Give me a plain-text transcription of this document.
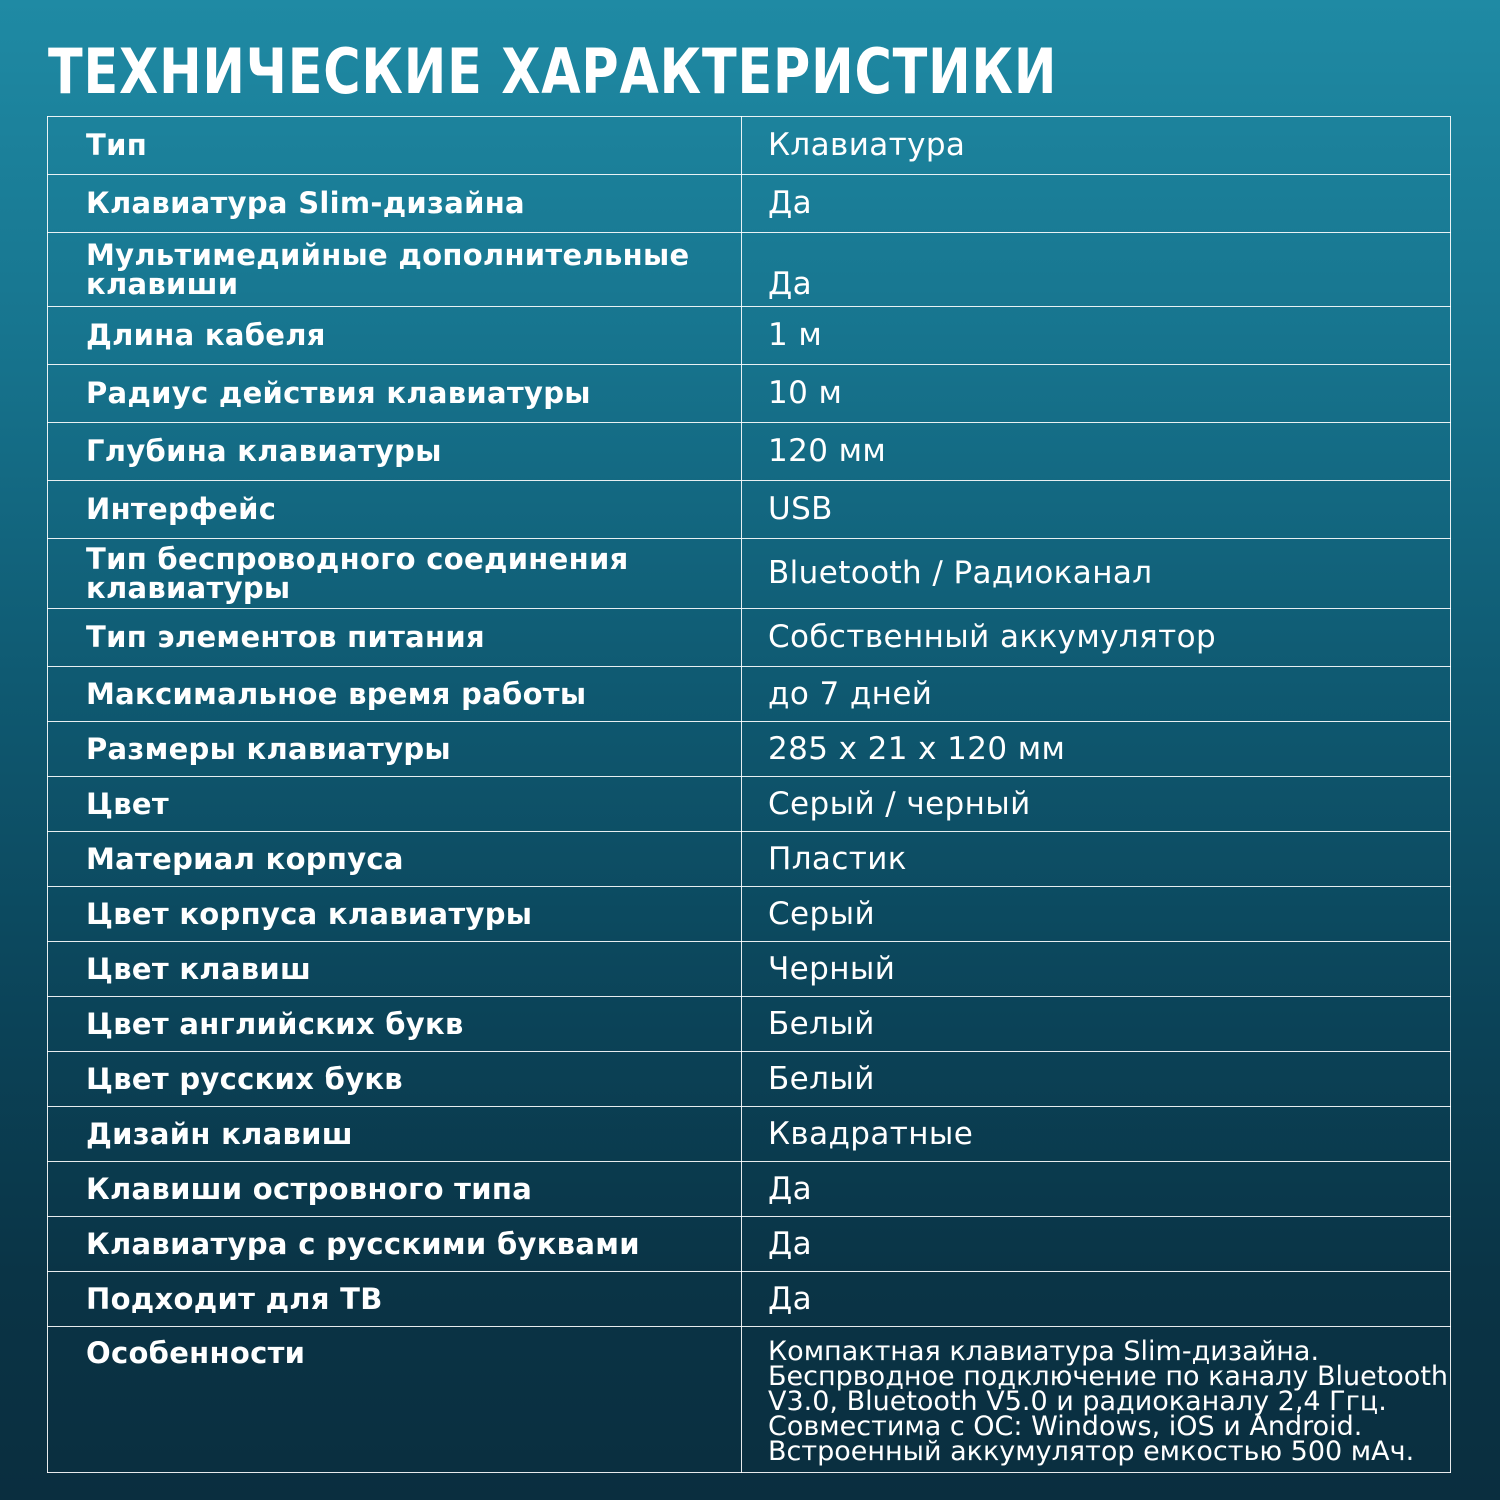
ТЕХНИЧЕСКИЕ ХАРАКТЕРИСТИКИ
Тип	Клавиатура

Клавиатура Slim-дизайна	Да

Мультимедийные дополнительные клавиши	Да

Длина кабеля	1 м

Радиус действия клавиатуры	10 м

Глубина клавиатуры	120 мм

Интерфейс	USB

Тип беспроводного соединения клавиатуры	Bluetooth / Радиоканал

Тип элементов питания	Собственный аккумулятор

Максимальное время работы	до 7 дней

Размеры клавиатуры	285 x 21 x 120 мм

Цвет	Серый / черный

Материал корпуса	Пластик

Цвет корпуса клавиатуры	Серый

Цвет клавиш	Черный

Цвет английских букв	Белый

Цвет русских букв	Белый

Дизайн клавиш	Квадратные

Клавиши островного типа	Да

Клавиатура с русскими буквами	Да

Подходит для ТВ	Да

Особенности	Компактная клавиатура Slim-дизайна. Беспрводное подключение по каналу Bluetooth V3.0, Bluetooth V5.0 и радиоканалу 2,4 Ггц. Совместима с ОС: Windows, iOS и Android. Встроенный аккумулятор емкостью 500 мАч.
